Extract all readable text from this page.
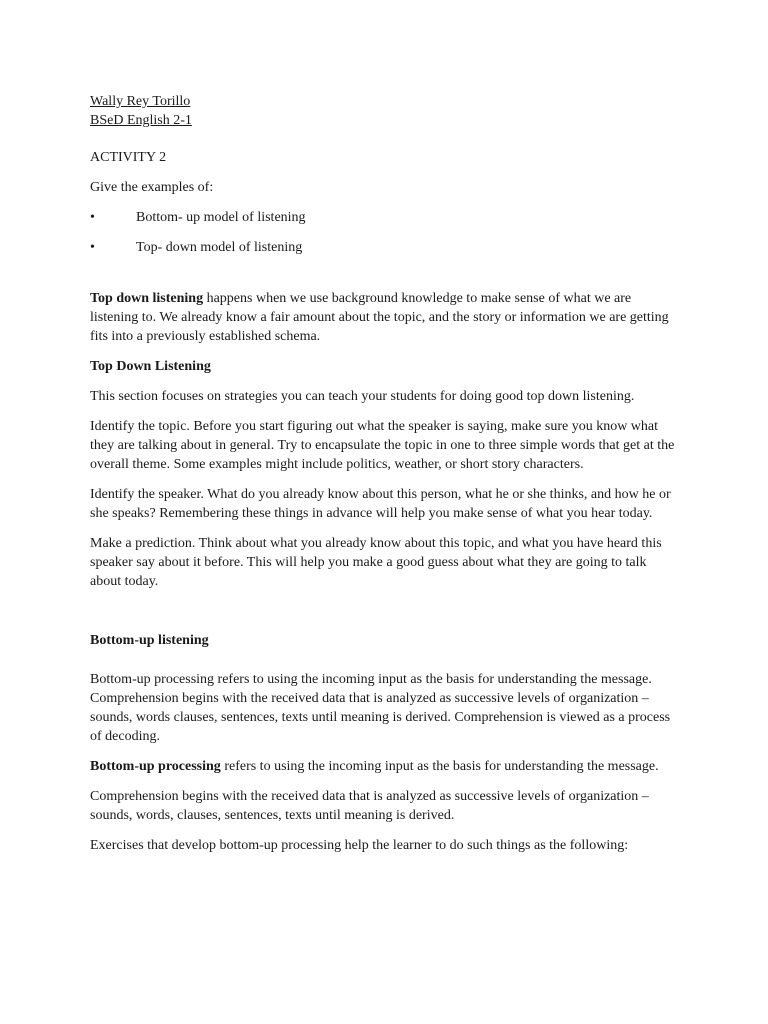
Wally Rey Torillo

BSeD English 2-1

ACTIVITY 2

Give the examples of:

•	Bottom- up model of listening

•	Top- down model of listening

Top down listening happens when we use background knowledge to make sense of what we are listening to. We already know a fair amount about the topic, and the story or information we are getting fits into a previously established schema.

Top Down Listening

This section focuses on strategies you can teach your students for doing good top down listening.

Identify the topic. Before you start figuring out what the speaker is saying, make sure you know what they are talking about in general. Try to encapsulate the topic in one to three simple words that get at the overall theme. Some examples might include politics, weather, or short story characters.

Identify the speaker. What do you already know about this person, what he or she thinks, and how he or she speaks? Remembering these things in advance will help you make sense of what you hear today.

Make a prediction. Think about what you already know about this topic, and what you have heard this speaker say about it before. This will help you make a good guess about what they are going to talk about today.

Bottom-up listening

Bottom-up processing refers to using the incoming input as the basis for understanding the message. Comprehension begins with the received data that is analyzed as successive levels of organization – sounds, words clauses, sentences, texts until meaning is derived. Comprehension is viewed as a process of decoding.

Bottom-up processing refers to using the incoming input as the basis for understanding the message.

Comprehension begins with the received data that is analyzed as successive levels of organization – sounds, words, clauses, sentences, texts until meaning is derived.

Exercises that develop bottom-up processing help the learner to do such things as the following:
